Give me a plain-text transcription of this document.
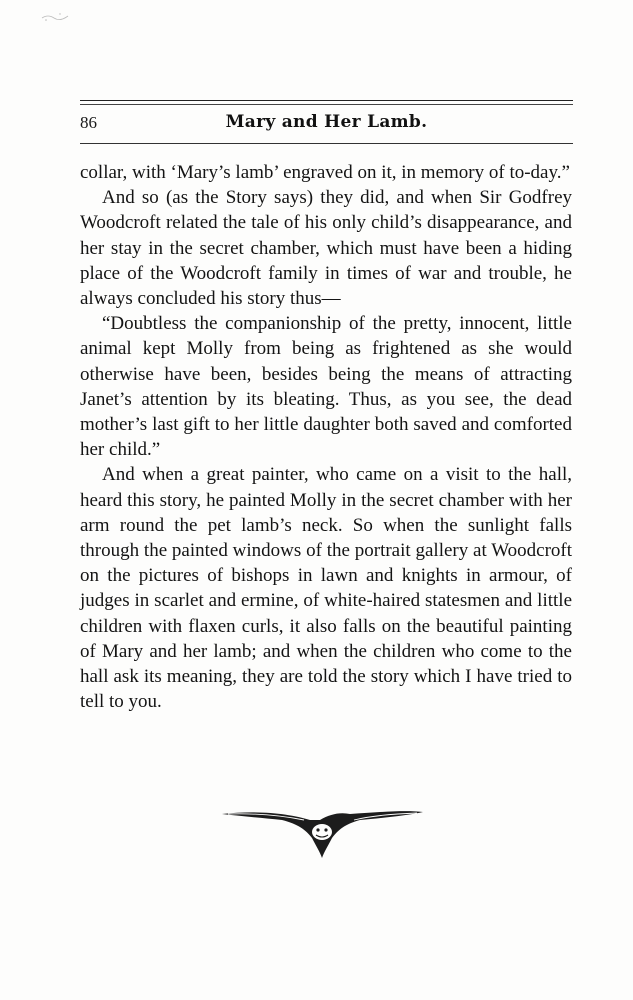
86	Mary and Her Lamb.

collar, with ‘Mary’s lamb’ engraved on it, in memory of to-day.”

And so (as the Story says) they did, and when Sir Godfrey Woodcroft related the tale of his only child’s disappearance, and her stay in the secret chamber, which must have been a hiding place of the Woodcroft family in times of war and trouble, he always concluded his story thus—

“Doubtless the companionship of the pretty, innocent, little animal kept Molly from being as frightened as she would otherwise have been, besides being the means of attracting Janet’s attention by its bleating. Thus, as you see, the dead mother’s last gift to her little daughter both saved and comforted her child.”

And when a great painter, who came on a visit to the hall, heard this story, he painted Molly in the secret chamber with her arm round the pet lamb’s neck. So when the sunlight falls through the painted windows of the portrait gallery at Woodcroft on the pictures of bishops in lawn and knights in armour, of judges in scarlet and ermine, of white-haired statesmen and little children with flaxen curls, it also falls on the beautiful painting of Mary and her lamb; and when the children who come to the hall ask its meaning, they are told the story which I have tried to tell to you.
